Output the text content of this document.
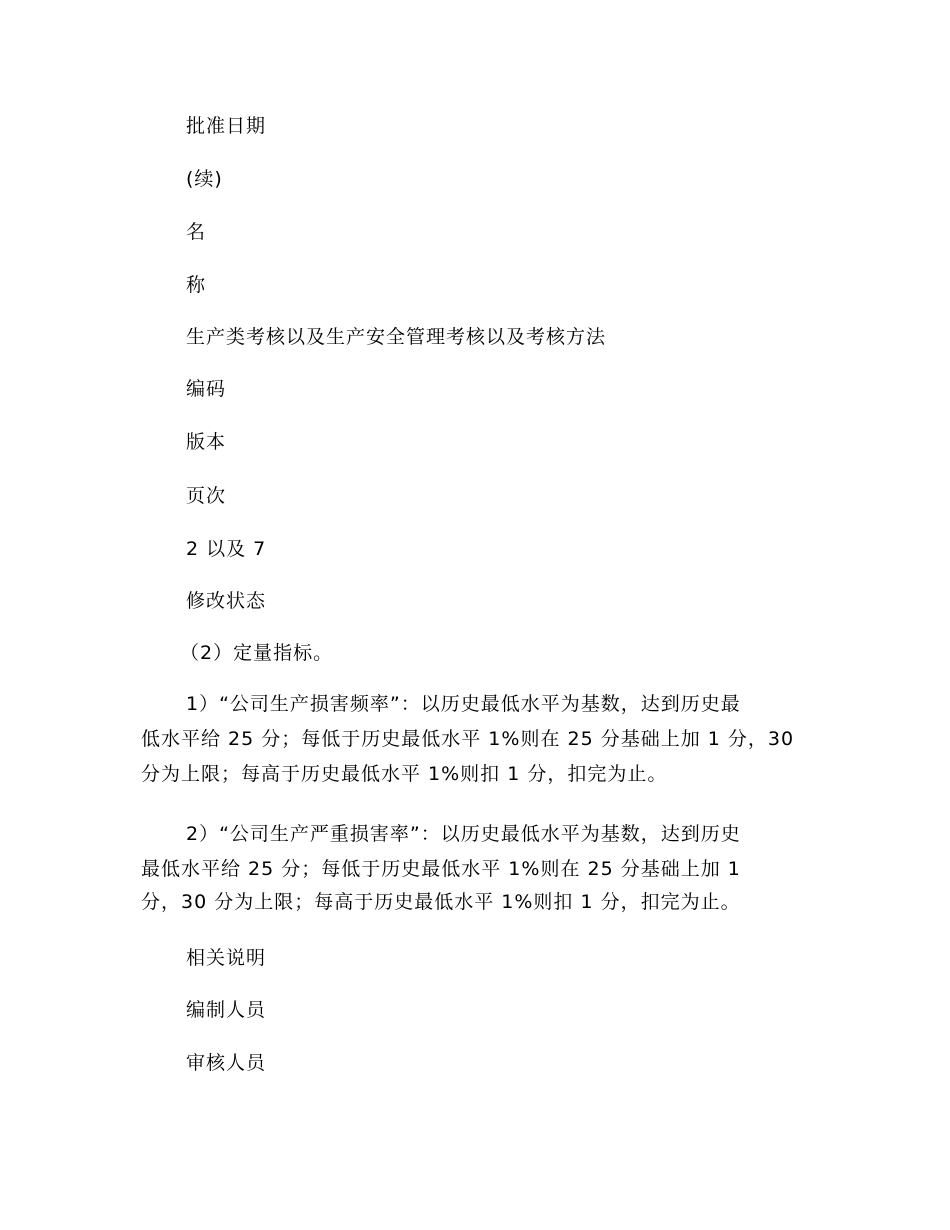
批准日期
(续)
名
称
生产类考核以及生产安全管理考核以及考核方法
编码
版本
页次
2 以及 7
修改状态
（2）定量指标。
1）“公司生产损害频率”：以历史最低水平为基数，达到历史最
低水平给 25 分；每低于历史最低水平 1%则在 25 分基础上加 1 分，30
分为上限；每高于历史最低水平 1%则扣 1 分，扣完为止。
2）“公司生产严重损害率”：以历史最低水平为基数，达到历史
最低水平给 25 分；每低于历史最低水平 1%则在 25 分基础上加 1
分，30 分为上限；每高于历史最低水平 1%则扣 1 分，扣完为止。
相关说明
编制人员
审核人员
